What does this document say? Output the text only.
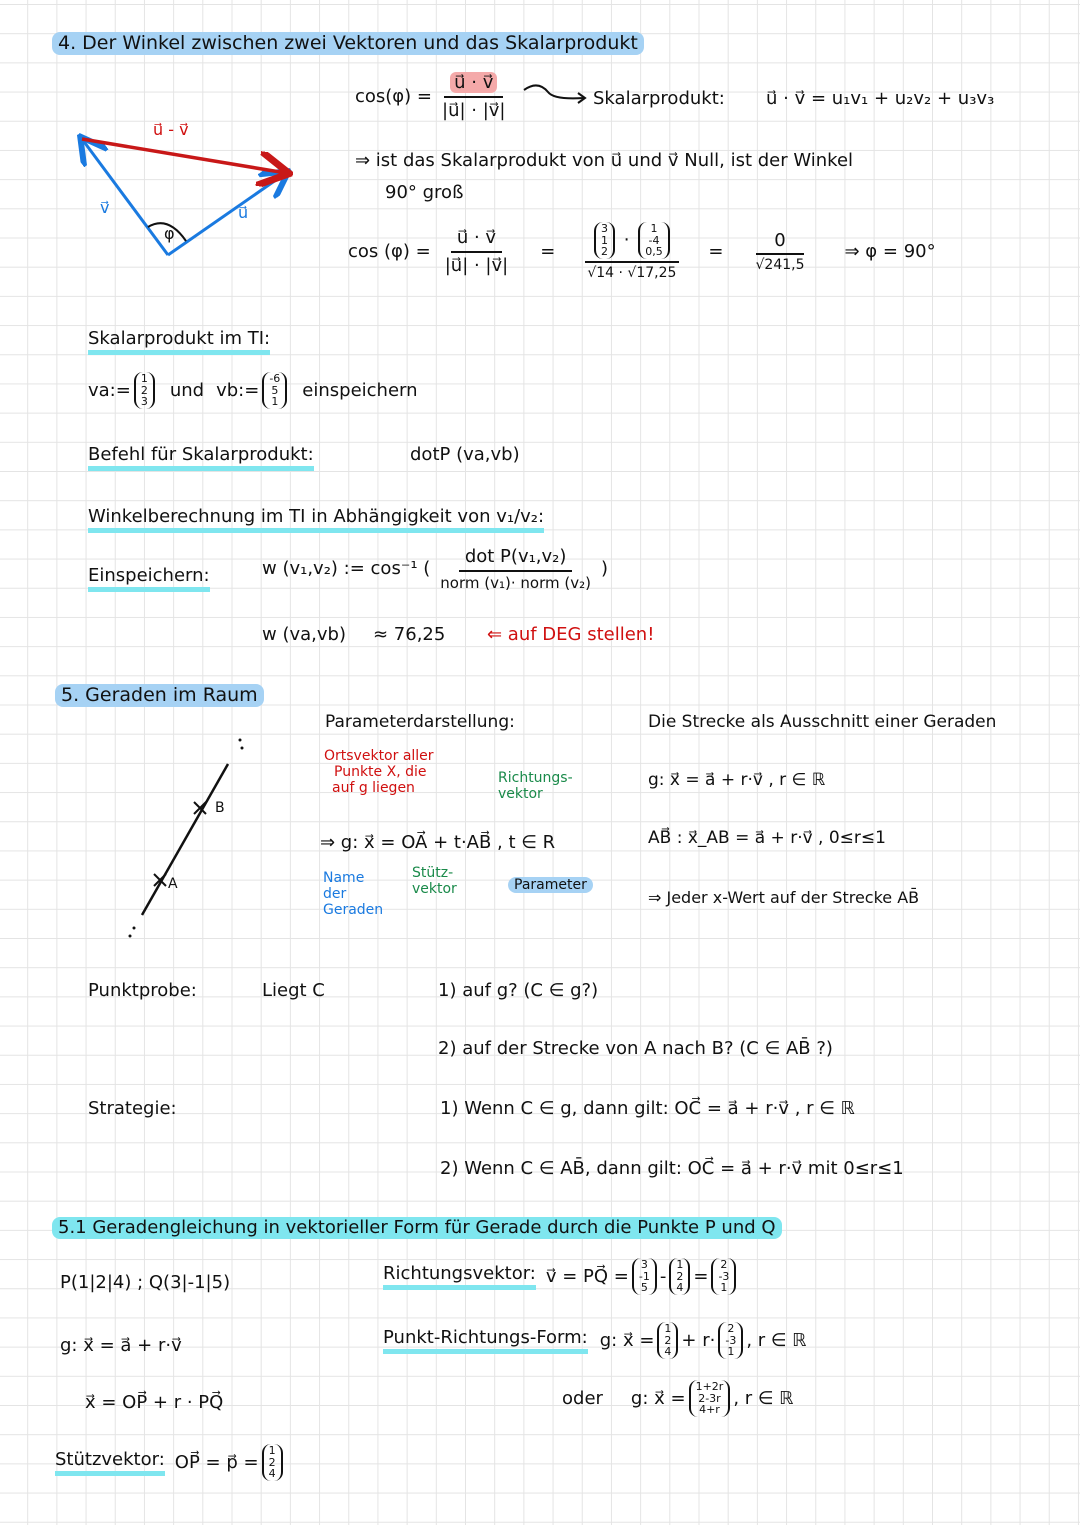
4. Der Winkel zwischen zwei Vektoren und das Skalarprodukt
u⃗ - v⃗
v⃗	u⃗
φ
$\cos(\varphi) = \frac{u⃗ \cdot v⃗}{|u⃗| \cdot |v⃗|}$	Skalarprodukt: u⃗ · v⃗ = u₁v₁ + u₂v₂ + u₃v₃
⇒ ist das Skalarprodukt von u⃗ und v⃗ Null, ist der Winkel
90° groß
$\cos (\varphi) = \frac{u⃗ \cdot v⃗}{|u⃗| \cdot |v⃗|} = 3$
1
2
·
1
-4
0,5
$√14 \cdot √17,25 = \frac{0}{√241,5}$ ⇒ φ = 90°
Skalarprodukt im TI:
va:=
1
2
3
und vb:=
-6
5
1
einspeichern
Befehl für Skalarprodukt:	dotP (va,vb)
Winkelberechnung im TI in Abhängigkeit von v₁/v₂:
Einspeichern:	w (v₁,v₂) := cos⁻¹ ( $\frac{\text{dot P(v₁,v₂)}}{\text{norm (v₁)· norm (v₂)}}$ )
w (va,vb) ≈ 76,25 ⇐ auf DEG stellen!
5. Geraden im Raum
A
B
Parameterdarstellung:
Ortsvektor aller
Punkte X, die
auf g liegen
Richtungs-
vektor
⇒ g: x⃗ = OA⃗ + t·AB⃗ , t ∈ R
Name
der
Geraden
Stütz-
vektor	Parameter
Die Strecke als Ausschnitt einer Geraden
g: x⃗ = a⃗ + r·v⃗ , r ∈ ℝ
AB⃗ : x⃗_AB = a⃗ + r·v⃗ , 0≤r≤1
⇒ Jeder x-Wert auf der Strecke AB̄
Punktprobe:	Liegt C	1) auf g? (C ∈ g?)
2) auf der Strecke von A nach B? (C ∈ AB̄ ?)
Strategie:	1) Wenn C ∈ g, dann gilt: OC⃗ = a⃗ + r·v⃗ , r ∈ ℝ
2) Wenn C ∈ AB̄, dann gilt: OC⃗ = a⃗ + r·v⃗ mit 0≤r≤1
5.1 Geradengleichung in vektorieller Form für Gerade durch die Punkte P und Q
P(1|2|4) ; Q(3|-1|5)	Richtungsvektor: v⃗ = PQ⃗ =
3
-1
5
-
1
2
4
=
2
-3
1
g: x⃗ = a⃗ + r·v⃗
x⃗ = OP⃗ + r · PQ⃗
Punkt-Richtungs-Form: g: x⃗ =
1
2
4
+ r·
2
-3
1
, r ∈ ℝ
oder g: x⃗ =
1+2r
2-3r
4+r
, r ∈ ℝ
Stützvektor: OP⃗ = p⃗ =
1
2
4
